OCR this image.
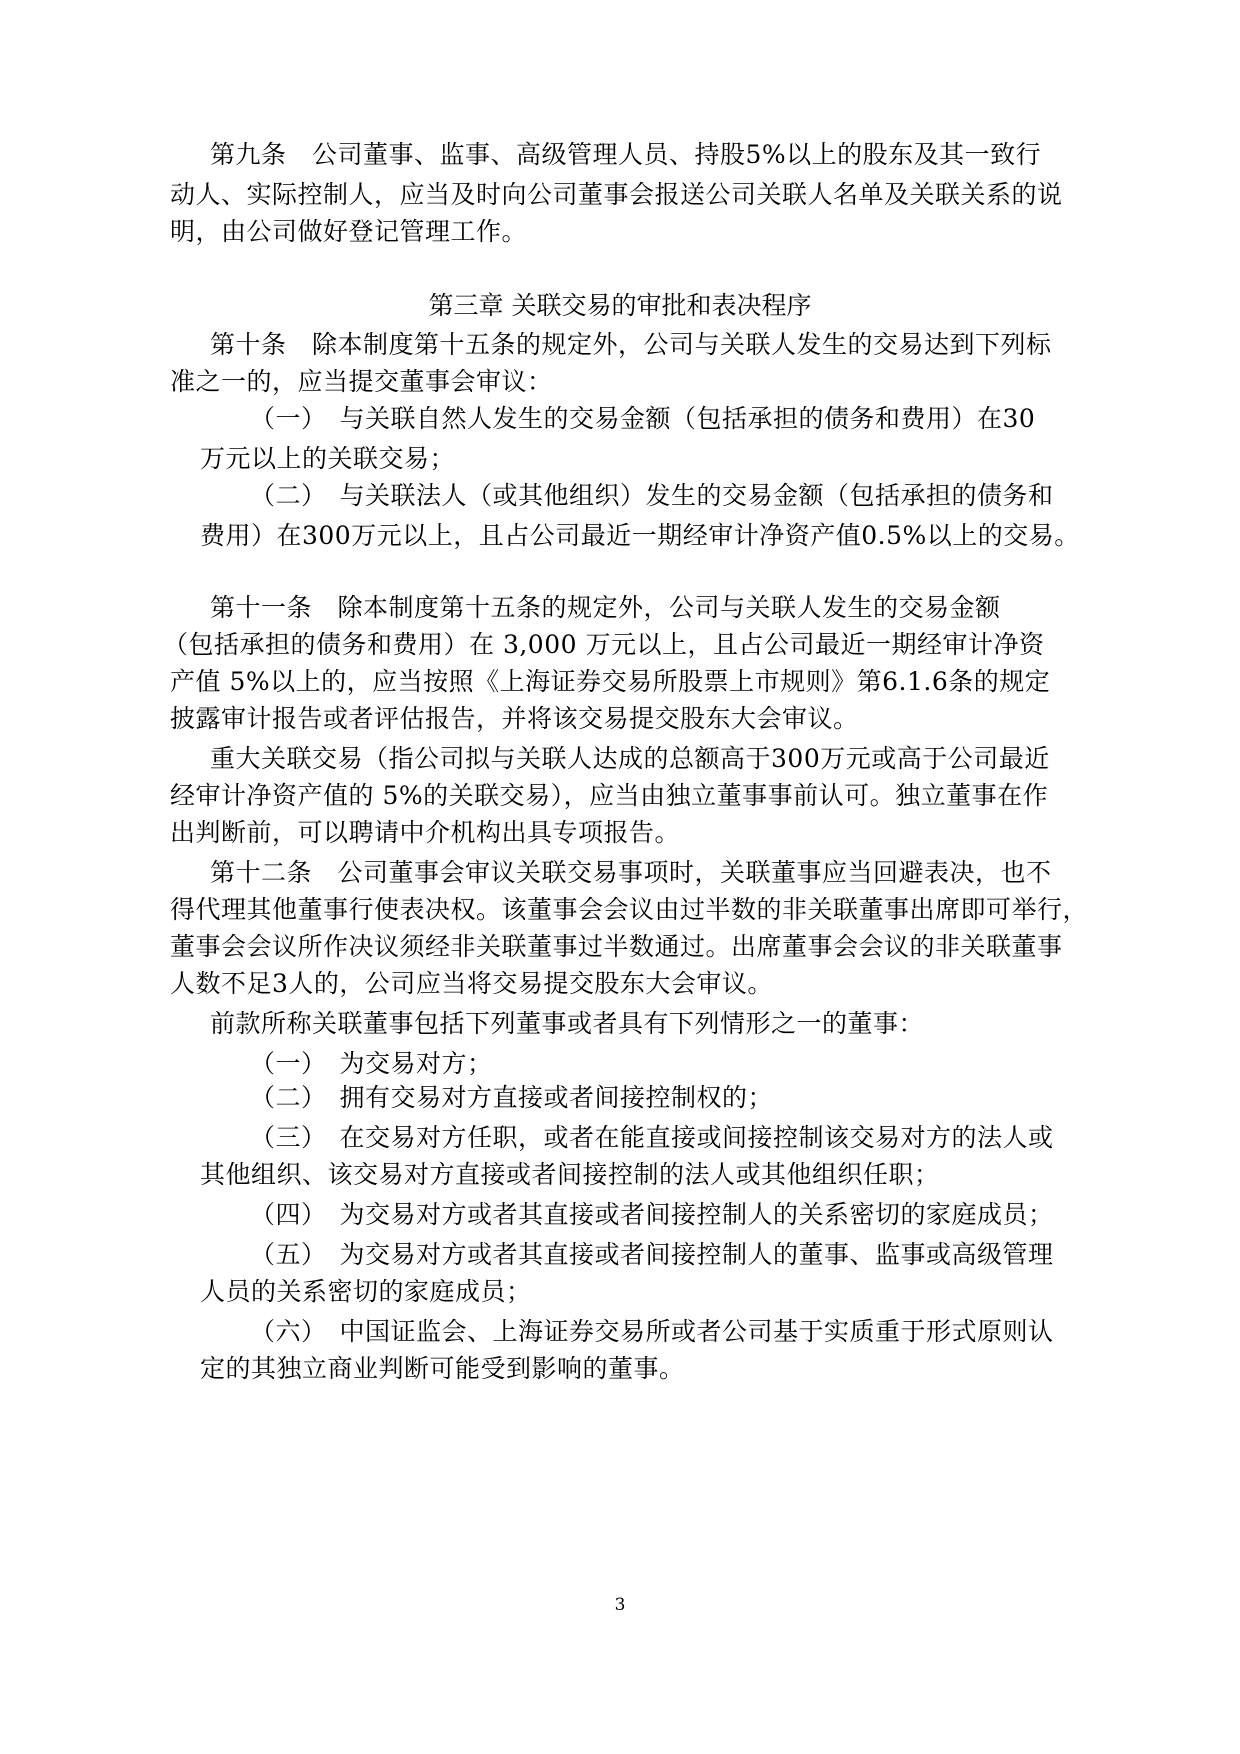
第九条　公司董事、监事、高级管理人员、持股5%以上的股东及其一致行
动人、实际控制人，应当及时向公司董事会报送公司关联人名单及关联关系的说
明，由公司做好登记管理工作。
第三章 关联交易的审批和表决程序
第十条　除本制度第十五条的规定外，公司与关联人发生的交易达到下列标
准之一的，应当提交董事会审议：
（一）　与关联自然人发生的交易金额（包括承担的债务和费用）在30
万元以上的关联交易；
（二）　与关联法人（或其他组织）发生的交易金额（包括承担的债务和
费用）在300万元以上，且占公司最近一期经审计净资产值0.5%以上的交易。
第十一条　除本制度第十五条的规定外，公司与关联人发生的交易金额
（包括承担的债务和费用）在 3,000 万元以上，且占公司最近一期经审计净资
产值 5%以上的，应当按照《上海证券交易所股票上市规则》第6.1.6条的规定
披露审计报告或者评估报告，并将该交易提交股东大会审议。
重大关联交易（指公司拟与关联人达成的总额高于300万元或高于公司最近
经审计净资产值的 5%的关联交易），应当由独立董事事前认可。独立董事在作
出判断前，可以聘请中介机构出具专项报告。
第十二条　公司董事会审议关联交易事项时，关联董事应当回避表决，也不
得代理其他董事行使表决权。该董事会会议由过半数的非关联董事出席即可举行，
董事会会议所作决议须经非关联董事过半数通过。出席董事会会议的非关联董事
人数不足3人的，公司应当将交易提交股东大会审议。
前款所称关联董事包括下列董事或者具有下列情形之一的董事：
（一）　为交易对方；
（二）　拥有交易对方直接或者间接控制权的；
（三）　在交易对方任职，或者在能直接或间接控制该交易对方的法人或
其他组织、该交易对方直接或者间接控制的法人或其他组织任职；
（四）　为交易对方或者其直接或者间接控制人的关系密切的家庭成员；
（五）　为交易对方或者其直接或者间接控制人的董事、监事或高级管理
人员的关系密切的家庭成员；
（六）　中国证监会、上海证券交易所或者公司基于实质重于形式原则认
定的其独立商业判断可能受到影响的董事。
3
